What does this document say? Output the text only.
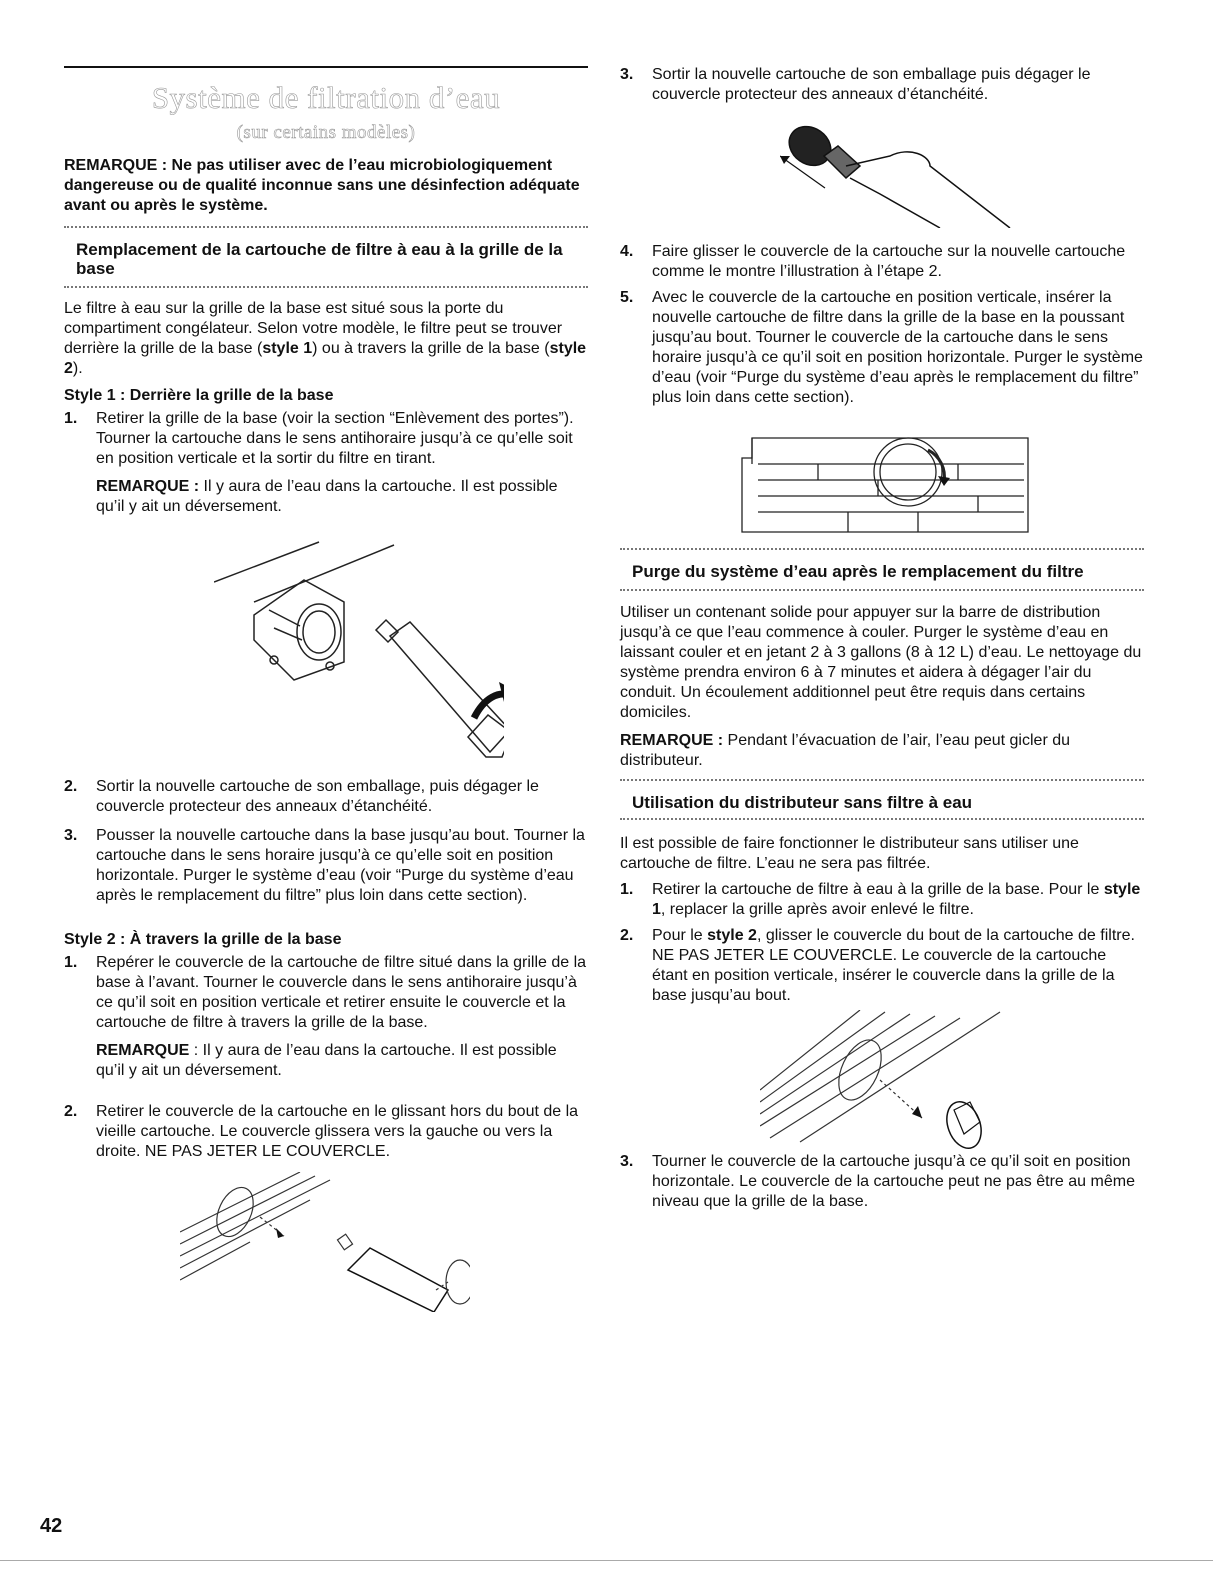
Système de filtration d’eau
(sur certains modèles)

REMARQUE : Ne pas utiliser avec de l’eau microbiologiquement dangereuse ou de qualité inconnue sans une désinfection adéquate avant ou après le système.

Remplacement de la cartouche de filtre à eau à la grille de la base

Le filtre à eau sur la grille de la base est situé sous la porte du compartiment congélateur. Selon votre modèle, le filtre peut se trouver derrière la grille de la base (style 1) ou à travers la grille de la base (style 2).

Style 1 : Derrière la grille de la base

1. Retirer la grille de la base (voir la section “Enlèvement des portes”). Tourner la cartouche dans le sens antihoraire jusqu’à ce qu’elle soit en position verticale et la sortir du filtre en tirant.

REMARQUE : Il y aura de l’eau dans la cartouche. Il est possible qu’il y ait un déversement.

2. Sortir la nouvelle cartouche de son emballage, puis dégager le couvercle protecteur des anneaux d’étanchéité.

3. Pousser la nouvelle cartouche dans la base jusqu’au bout. Tourner la cartouche dans le sens horaire jusqu’à ce qu’elle soit en position horizontale. Purger le système d’eau (voir “Purge du système d’eau après le remplacement du filtre” plus loin dans cette section).

Style 2 : À travers la grille de la base

1. Repérer le couvercle de la cartouche de filtre situé dans la grille de la base à l’avant. Tourner le couvercle dans le sens antihoraire jusqu’à ce qu’il soit en position verticale et retirer ensuite le couvercle et la cartouche de filtre à travers la grille de la base.

REMARQUE : Il y aura de l’eau dans la cartouche. Il est possible qu’il y ait un déversement.

2. Retirer le couvercle de la cartouche en le glissant hors du bout de la vieille cartouche. Le couvercle glissera vers la gauche ou vers la droite. NE PAS JETER LE COUVERCLE.

42
3. Sortir la nouvelle cartouche de son emballage puis dégager le couvercle protecteur des anneaux d’étanchéité.

4. Faire glisser le couvercle de la cartouche sur la nouvelle cartouche comme le montre l’illustration à l’étape 2.

5. Avec le couvercle de la cartouche en position verticale, insérer la nouvelle cartouche de filtre dans la grille de la base en la poussant jusqu’au bout. Tourner le couvercle de la cartouche dans le sens horaire jusqu’à ce qu’il soit en position horizontale. Purger le système d’eau (voir “Purge du système d’eau après le remplacement du filtre” plus loin dans cette section).

Purge du système d’eau après le remplacement du filtre

Utiliser un contenant solide pour appuyer sur la barre de distribution jusqu’à ce que l’eau commence à couler. Purger le système d’eau en laissant couler et en jetant 2 à 3 gallons (8 à 12 L) d’eau. Le nettoyage du système prendra environ 6 à 7 minutes et aidera à dégager l’air du conduit. Un écoulement additionnel peut être requis dans certains domiciles.

REMARQUE : Pendant l’évacuation de l’air, l’eau peut gicler du distributeur.

Utilisation du distributeur sans filtre à eau

Il est possible de faire fonctionner le distributeur sans utiliser une cartouche de filtre. L’eau ne sera pas filtrée.

1. Retirer la cartouche de filtre à eau à la grille de la base. Pour le style 1, replacer la grille après avoir enlevé le filtre.

2. Pour le style 2, glisser le couvercle du bout de la cartouche de filtre. NE PAS JETER LE COUVERCLE. Le couvercle de la cartouche étant en position verticale, insérer le couvercle dans la grille de la base jusqu’au bout.

3. Tourner le couvercle de la cartouche jusqu’à ce qu’il soit en position horizontale. Le couvercle de la cartouche peut ne pas être au même niveau que la grille de la base.
